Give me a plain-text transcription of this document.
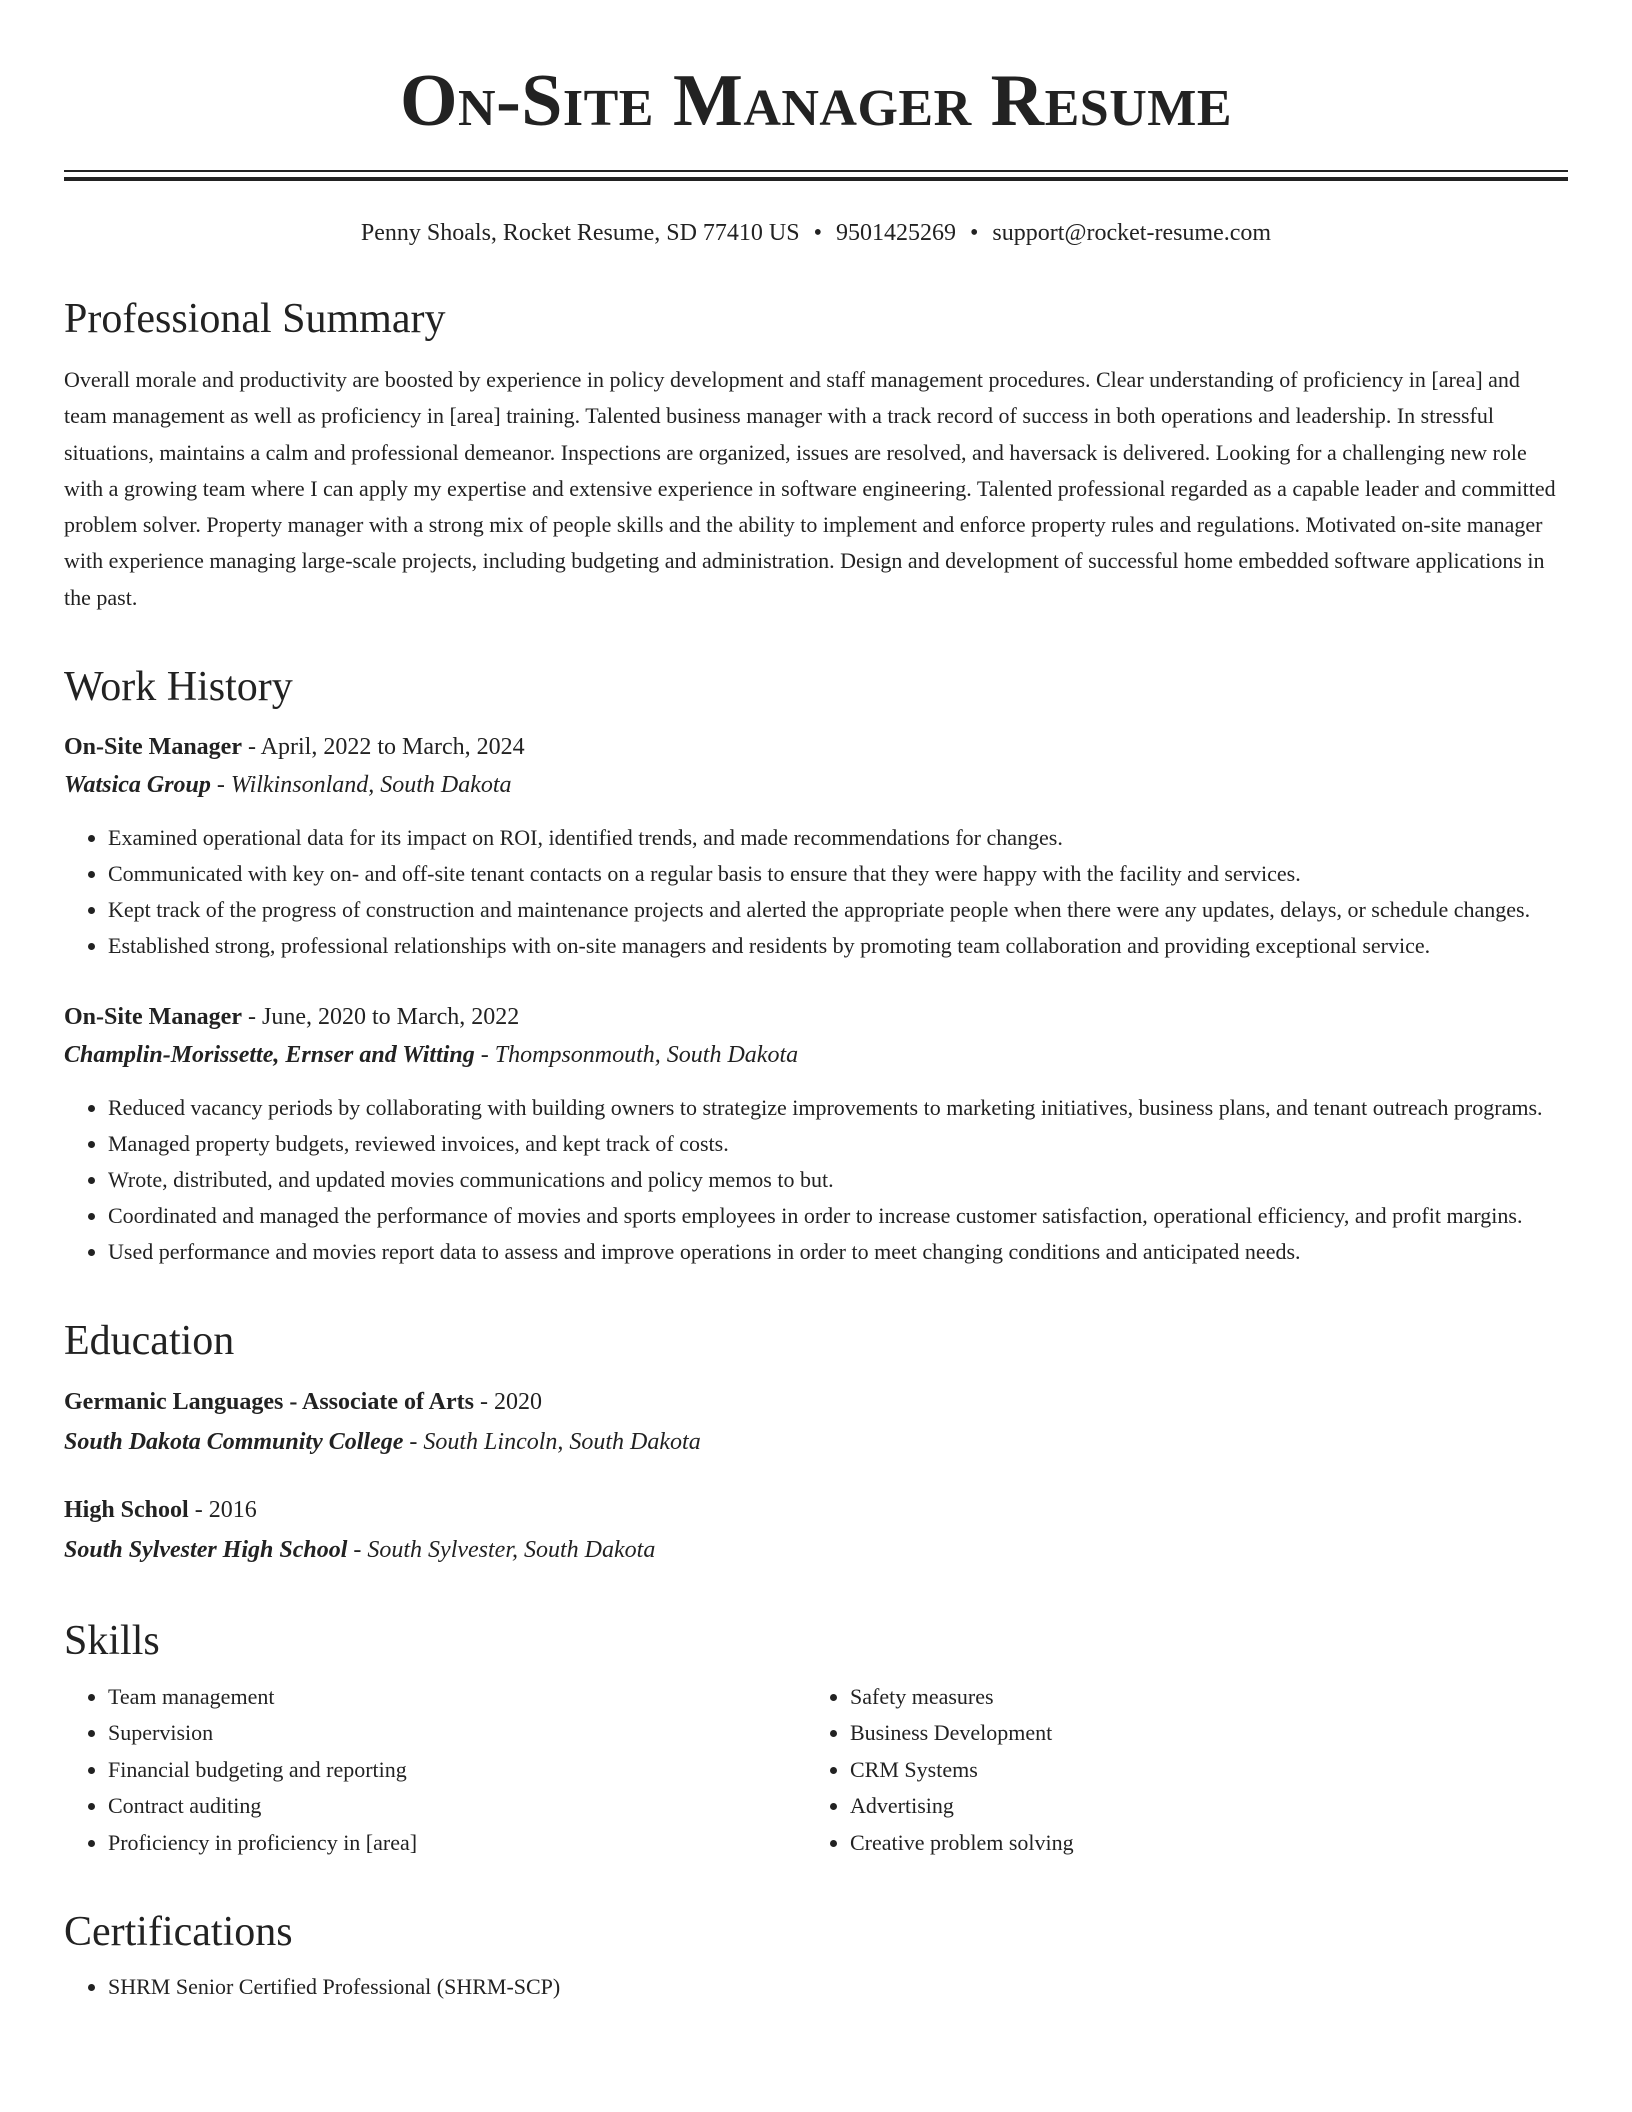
On-Site Manager Resume
Penny Shoals, Rocket Resume, SD 77410 US • 9501425269 • support@rocket-resume.com
Professional Summary
Overall morale and productivity are boosted by experience in policy development and staff management procedures. Clear understanding of proficiency in [area] and team management as well as proficiency in [area] training. Talented business manager with a track record of success in both operations and leadership. In stressful situations, maintains a calm and professional demeanor. Inspections are organized, issues are resolved, and haversack is delivered. Looking for a challenging new role with a growing team where I can apply my expertise and extensive experience in software engineering. Talented professional regarded as a capable leader and committed problem solver. Property manager with a strong mix of people skills and the ability to implement and enforce property rules and regulations. Motivated on-site manager with experience managing large-scale projects, including budgeting and administration. Design and development of successful home embedded software applications in the past.
Work History
On-Site Manager - April, 2022 to March, 2024
Watsica Group - Wilkinsonland, South Dakota
• Examined operational data for its impact on ROI, identified trends, and made recommendations for changes.
• Communicated with key on- and off-site tenant contacts on a regular basis to ensure that they were happy with the facility and services.
• Kept track of the progress of construction and maintenance projects and alerted the appropriate people when there were any updates, delays, or schedule changes.
• Established strong, professional relationships with on-site managers and residents by promoting team collaboration and providing exceptional service.
On-Site Manager - June, 2020 to March, 2022
Champlin-Morissette, Ernser and Witting - Thompsonmouth, South Dakota
• Reduced vacancy periods by collaborating with building owners to strategize improvements to marketing initiatives, business plans, and tenant outreach programs.
• Managed property budgets, reviewed invoices, and kept track of costs.
• Wrote, distributed, and updated movies communications and policy memos to but.
• Coordinated and managed the performance of movies and sports employees in order to increase customer satisfaction, operational efficiency, and profit margins.
• Used performance and movies report data to assess and improve operations in order to meet changing conditions and anticipated needs.
Education
Germanic Languages - Associate of Arts - 2020
South Dakota Community College - South Lincoln, South Dakota
High School - 2016
South Sylvester High School - South Sylvester, South Dakota
Skills
• Team management
• Supervision
• Financial budgeting and reporting
• Contract auditing
• Proficiency in proficiency in [area]
• Safety measures
• Business Development
• CRM Systems
• Advertising
• Creative problem solving
Certifications
• SHRM Senior Certified Professional (SHRM-SCP)
